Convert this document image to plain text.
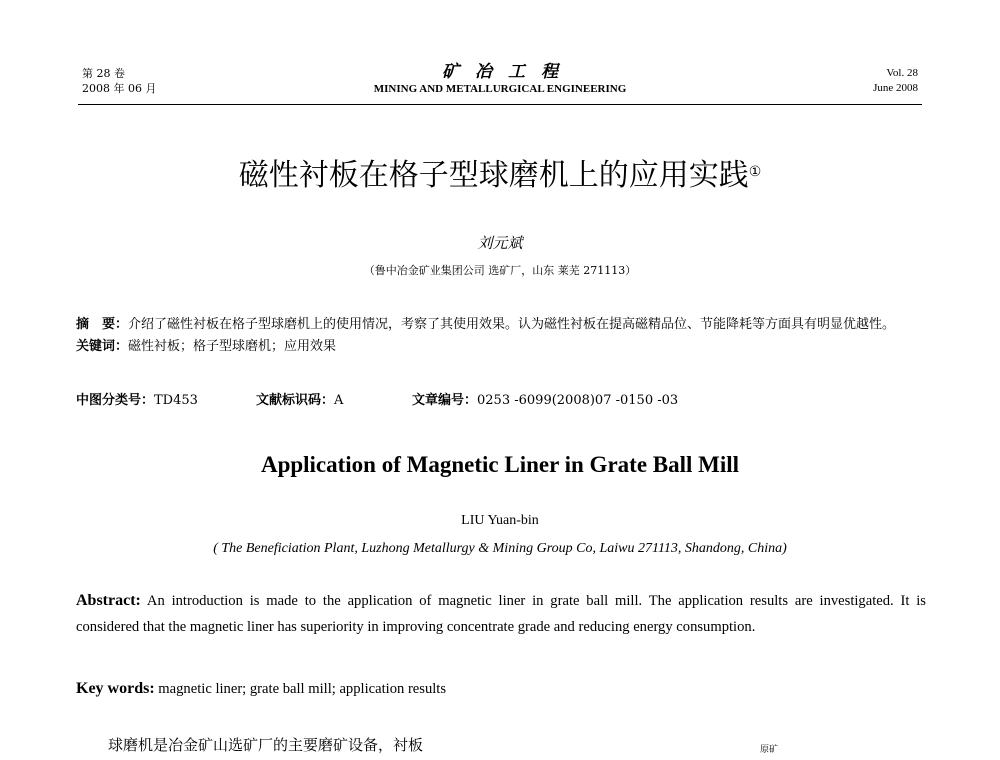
第 28 卷
2008 年 06 月
矿冶工程
MINING AND METALLURGICAL ENGINEERING
Vol. 28
June 2008
磁性衬板在格子型球磨机上的应用实践①
刘元斌
（鲁中冶金矿业集团公司 选矿厂，山东 莱芜 271113）

摘　要：介绍了磁性衬板在格子型球磨机上的使用情况，考察了其使用效果。认为磁性衬板在提高磁精品位、节能降耗等方面具有明显优越性。

关键词：磁性衬板；格子型球磨机；应用效果

中图分类号：TD453	文献标识码：A	文章编号：0253 -6099(2008)07 -0150 -03
Application of Magnetic Liner in Grate Ball Mill
LIU Yuan-bin
( The Beneficiation Plant, Luzhong Metallurgy & Mining Group Co, Laiwu 271113, Shandong, China)
Abstract: An introduction is made to the application of magnetic liner in grate ball mill. The application results are investigated. It is considered that the magnetic liner has superiority in improving concentrate grade and reducing energy consumption.
Key words: magnetic liner; grate ball mill; application results
球磨机是冶金矿山选矿厂的主要磨矿设备，衬板	原矿
